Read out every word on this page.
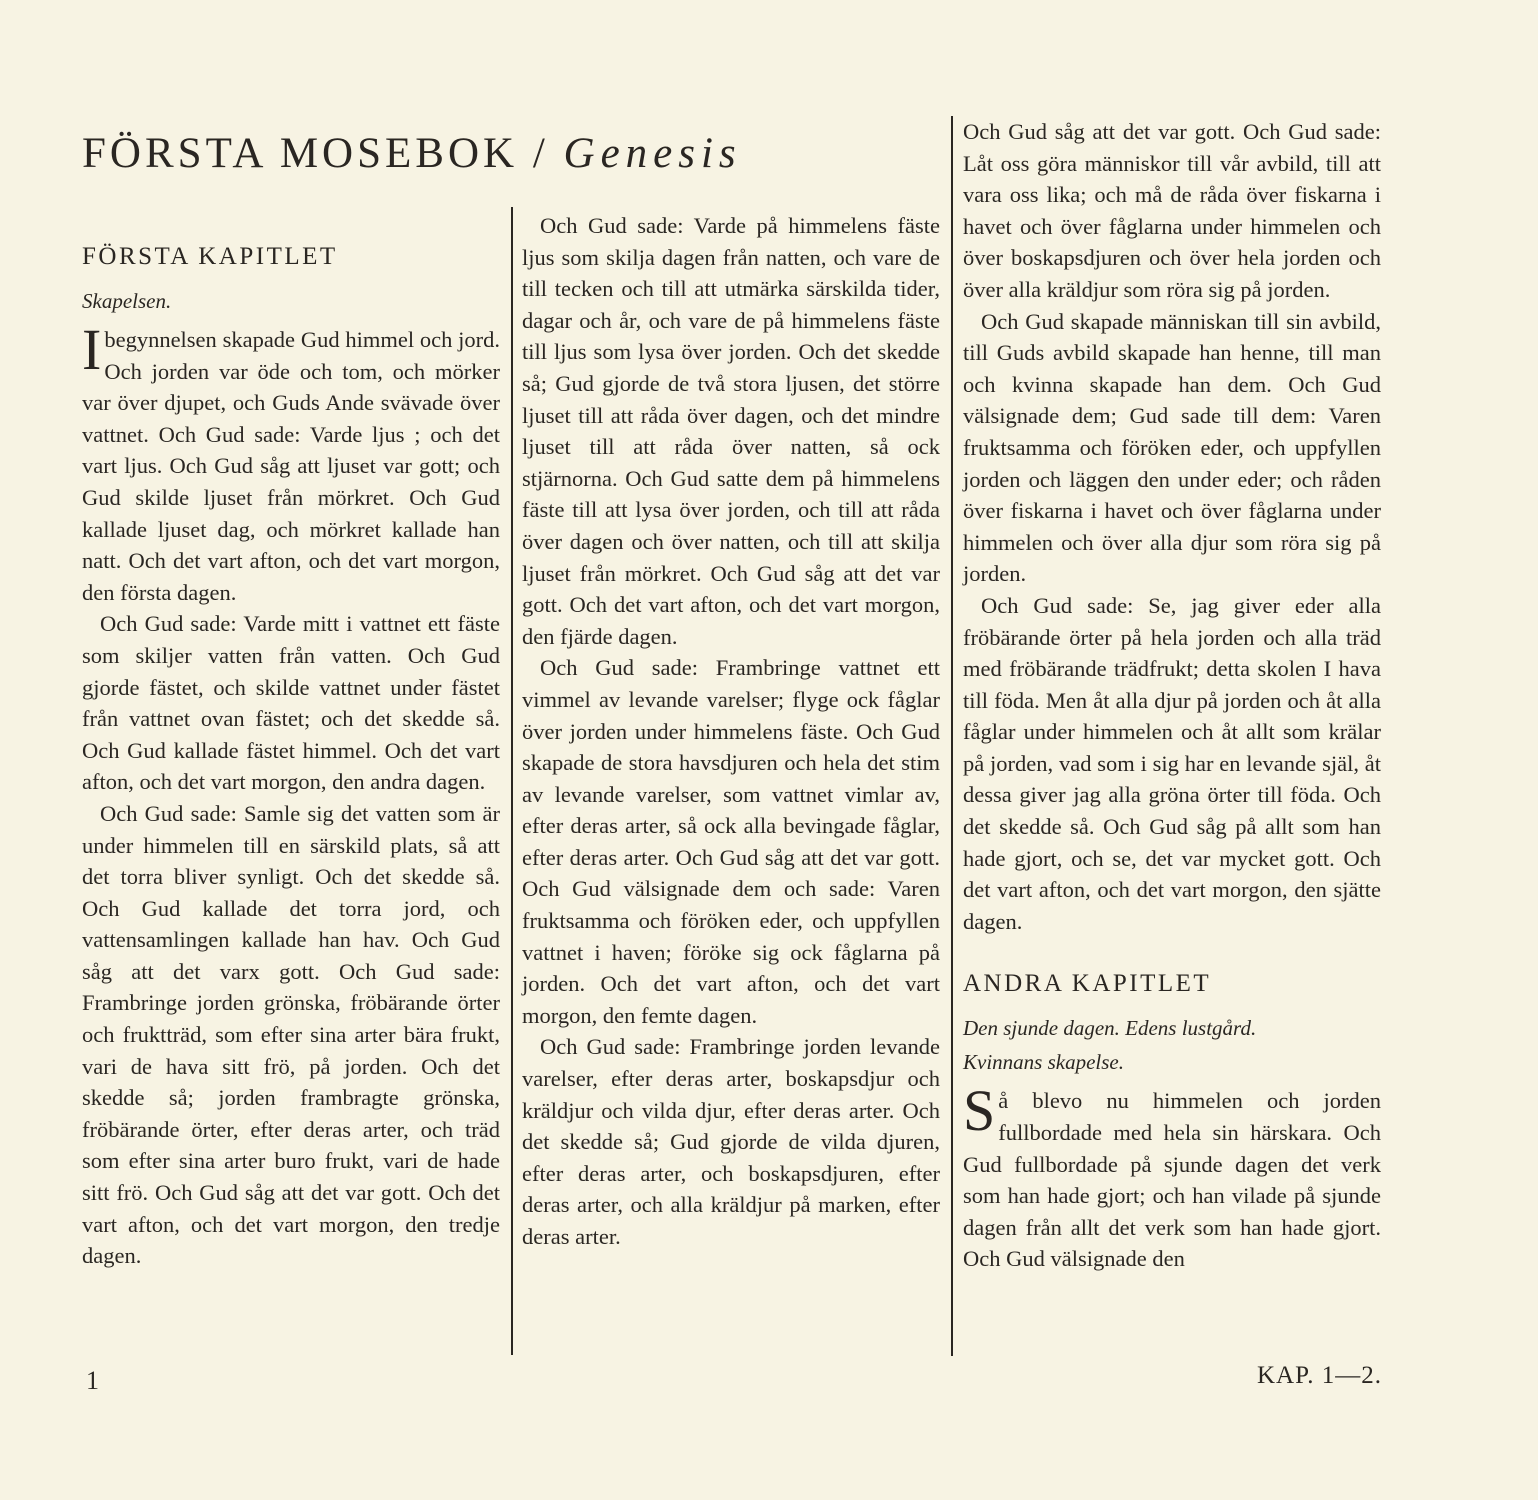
FÖRSTA MOSEBOK / Genesis
FÖRSTA KAPITLET
Skapelsen.

I begynnelsen skapade Gud himmel och jord. Och jorden var öde och tom, och mörker var över djupet, och Guds Ande svävade över vattnet. Och Gud sade: Varde ljus ; och det vart ljus. Och Gud såg att ljuset var gott; och Gud skilde ljuset från mörkret. Och Gud kallade ljuset dag, och mörkret kallade han natt. Och det vart afton, och det vart morgon, den första dagen.

Och Gud sade: Varde mitt i vattnet ett fäste som skiljer vatten från vatten. Och Gud gjorde fästet, och skilde vattnet under fästet från vattnet ovan fästet; och det skedde så. Och Gud kallade fästet himmel. Och det vart afton, och det vart morgon, den andra dagen.

Och Gud sade: Samle sig det vatten som är under himmelen till en särskild plats, så att det torra bliver synligt. Och det skedde så. Och Gud kallade det torra jord, och vattensamlingen kallade han hav. Och Gud såg att det varx gott. Och Gud sade: Frambringe jorden grönska, fröbärande örter och fruktträd, som efter sina arter bära frukt, vari de hava sitt frö, på jorden. Och det skedde så; jorden frambragte grönska, fröbärande örter, efter deras arter, och träd som efter sina arter buro frukt, vari de hade sitt frö. Och Gud såg att det var gott. Och det vart afton, och det vart morgon, den tredje dagen.

Och Gud sade: Varde på himmelens fäste ljus som skilja dagen från natten, och vare de till tecken och till att utmärka särskilda tider, dagar och år, och vare de på himmelens fäste till ljus som lysa över jorden. Och det skedde så; Gud gjorde de två stora ljusen, det större ljuset till att råda över dagen, och det mindre ljuset till att råda över natten, så ock stjärnorna. Och Gud satte dem på himmelens fäste till att lysa över jorden, och till att råda över dagen och över natten, och till att skilja ljuset från mörkret. Och Gud såg att det var gott. Och det vart afton, och det vart morgon, den fjärde dagen.

Och Gud sade: Frambringe vattnet ett vimmel av levande varelser; flyge ock fåglar över jorden under himmelens fäste. Och Gud skapade de stora havsdjuren och hela det stim av levande varelser, som vattnet vimlar av, efter deras arter, så ock alla bevingade fåglar, efter deras arter. Och Gud såg att det var gott. Och Gud välsignade dem och sade: Varen fruktsamma och föröken eder, och uppfyllen vattnet i haven; föröke sig ock fåglarna på jorden. Och det vart afton, och det vart morgon, den femte dagen.

Och Gud sade: Frambringe jorden levande varelser, efter deras arter, boskapsdjur och kräldjur och vilda djur, efter deras arter. Och det skedde så; Gud gjorde de vilda djuren, efter deras arter, och boskapsdjuren, efter deras arter, och alla kräldjur på marken, efter deras arter.

Och Gud såg att det var gott. Och Gud sade: Låt oss göra människor till vår avbild, till att vara oss lika; och må de råda över fiskarna i havet och över fåglarna under himmelen och över boskapsdjuren och över hela jorden och över alla kräldjur som röra sig på jorden.

Och Gud skapade människan till sin avbild, till Guds avbild skapade han henne, till man och kvinna skapade han dem. Och Gud välsignade dem; Gud sade till dem: Varen fruktsamma och föröken eder, och uppfyllen jorden och läggen den under eder; och råden över fiskarna i havet och över fåglarna under himmelen och över alla djur som röra sig på jorden.

Och Gud sade: Se, jag giver eder alla fröbärande örter på hela jorden och alla träd med fröbärande trädfrukt; detta skolen I hava till föda. Men åt alla djur på jorden och åt alla fåglar under himmelen och åt allt som krälar på jorden, vad som i sig har en levande själ, åt dessa giver jag alla gröna örter till föda. Och det skedde så. Och Gud såg på allt som han hade gjort, och se, det var mycket gott. Och det vart afton, och det vart morgon, den sjätte dagen.

ANDRA KAPITLET
Den sjunde dagen. Edens lustgård.
Kvinnans skapelse.

Så blevo nu himmelen och jorden fullbordade med hela sin härskara. Och Gud fullbordade på sjunde dagen det verk som han hade gjort; och han vilade på sjunde dagen från allt det verk som han hade gjort. Och Gud välsignade den

1	KAP. 1—2.
